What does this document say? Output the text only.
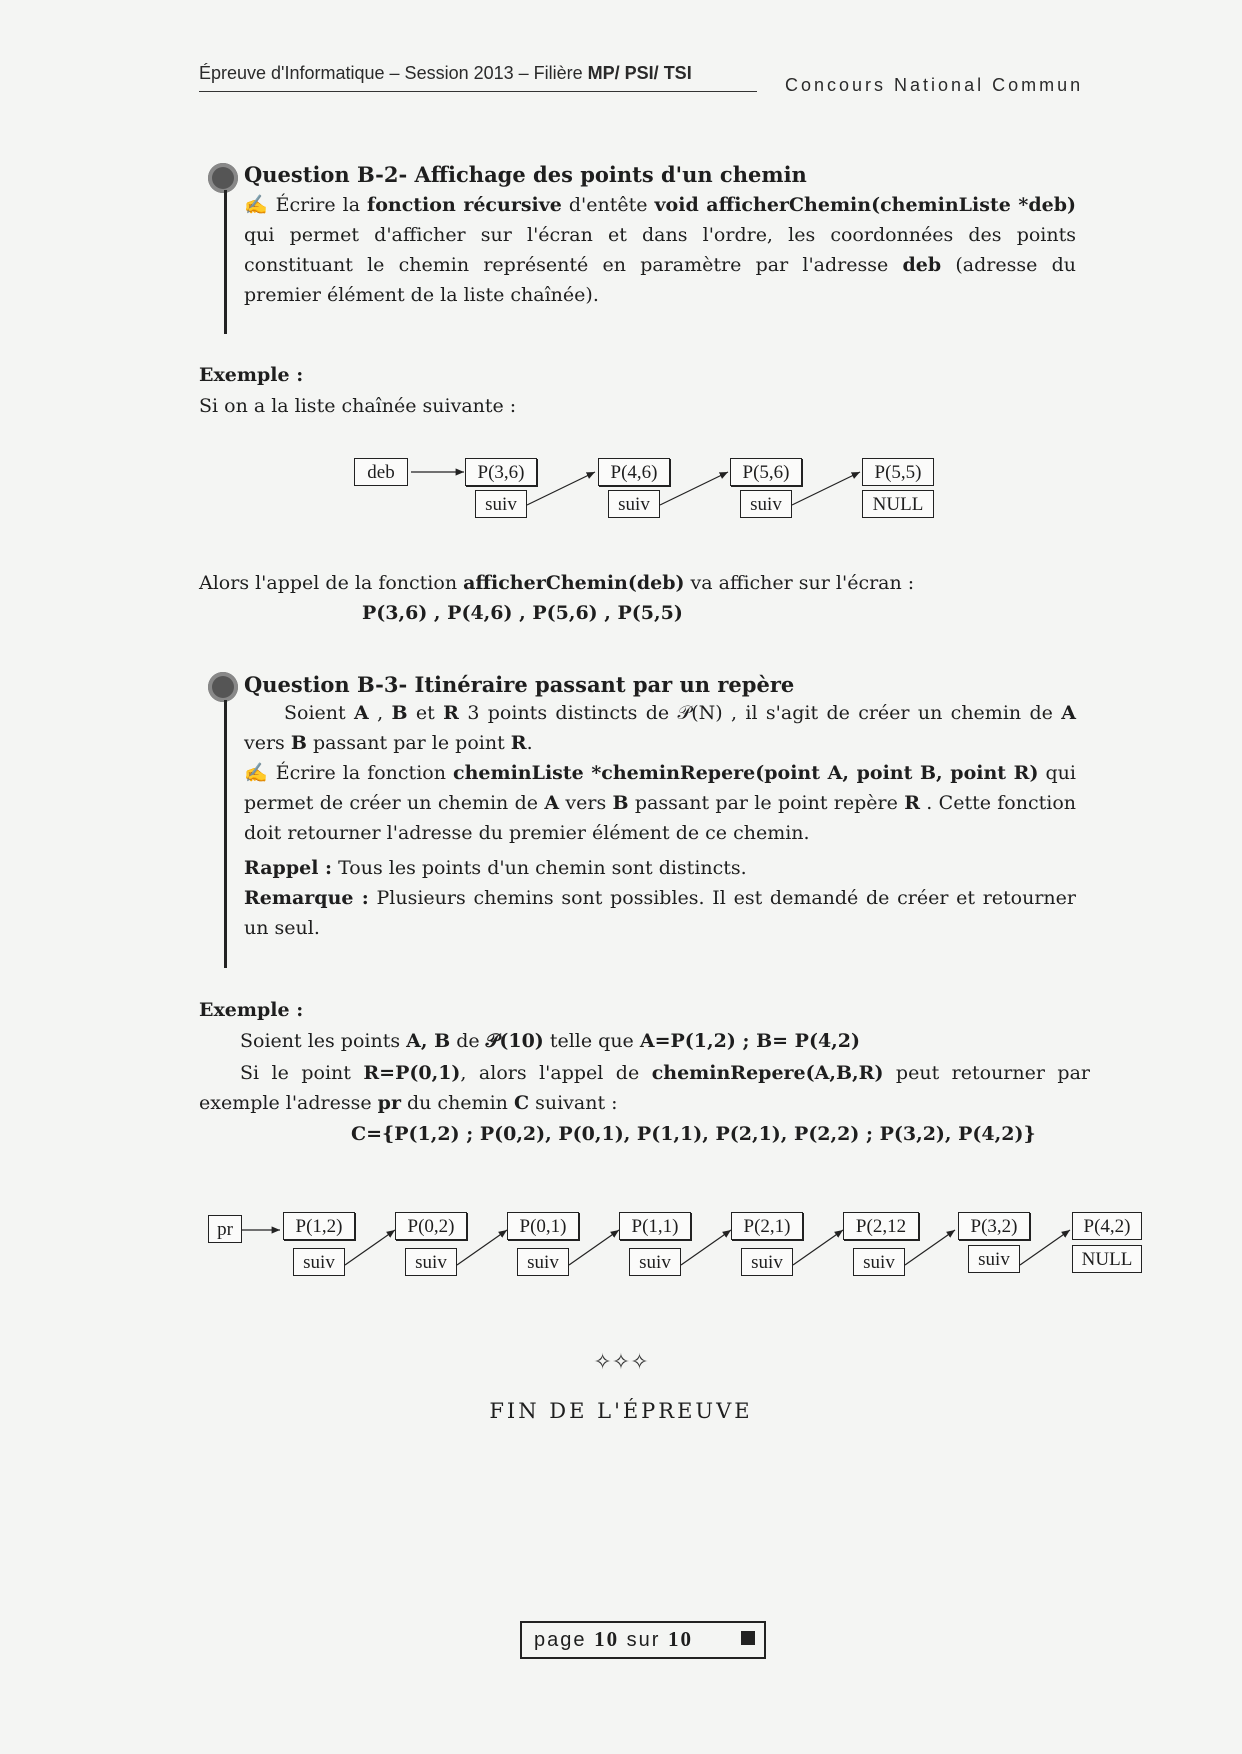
Épreuve d'Informatique – Session 2013 – Filière MP/ PSI/ TSI
Concours National Commun
Question B-2- Affichage des points d'un chemin
✍ Écrire la fonction récursive d'entête void afficherChemin(cheminListe *deb) qui permet d'afficher sur l'écran et dans l'ordre, les coordonnées des points constituant le chemin représenté en paramètre par l'adresse deb (adresse du premier élément de la liste chaînée).
Exemple :
Si on a la liste chaînée suivante :
deb	P(3,6)
suiv
P(4,6)
suiv
P(5,6)
suiv
P(5,5)
NULL
Alors l'appel de la fonction afficherChemin(deb) va afficher sur l'écran :
P(3,6) , P(4,6) , P(5,6) , P(5,5)
Question B-3- Itinéraire passant par un repère
Soient A , B et R 3 points distincts de 𝒫(N) , il s'agit de créer un chemin de A vers B passant par le point R.
✍ Écrire la fonction cheminListe *cheminRepere(point A, point B, point R) qui permet de créer un chemin de A vers B passant par le point repère R . Cette fonction doit retourner l'adresse du premier élément de ce chemin.
Rappel : Tous les points d'un chemin sont distincts.
Remarque : Plusieurs chemins sont possibles. Il est demandé de créer et retourner un seul.
Exemple :
Soient les points A, B de 𝒫(10) telle que A=P(1,2) ; B= P(4,2)
Si le point R=P(0,1), alors l'appel de cheminRepere(A,B,R) peut retourner par exemple l'adresse pr du chemin C suivant :
C={P(1,2) ; P(0,2), P(0,1), P(1,1), P(2,1), P(2,2) ; P(3,2), P(4,2)}
pr	P(1,2)
suiv
P(0,2)
suiv
P(0,1)
suiv
P(1,1)
suiv
P(2,1)
suiv
P(2,12
suiv
P(3,2)
suiv
P(4,2)
NULL
✧✧✧
FIN DE L'ÉPREUVE
page 10 sur 10
